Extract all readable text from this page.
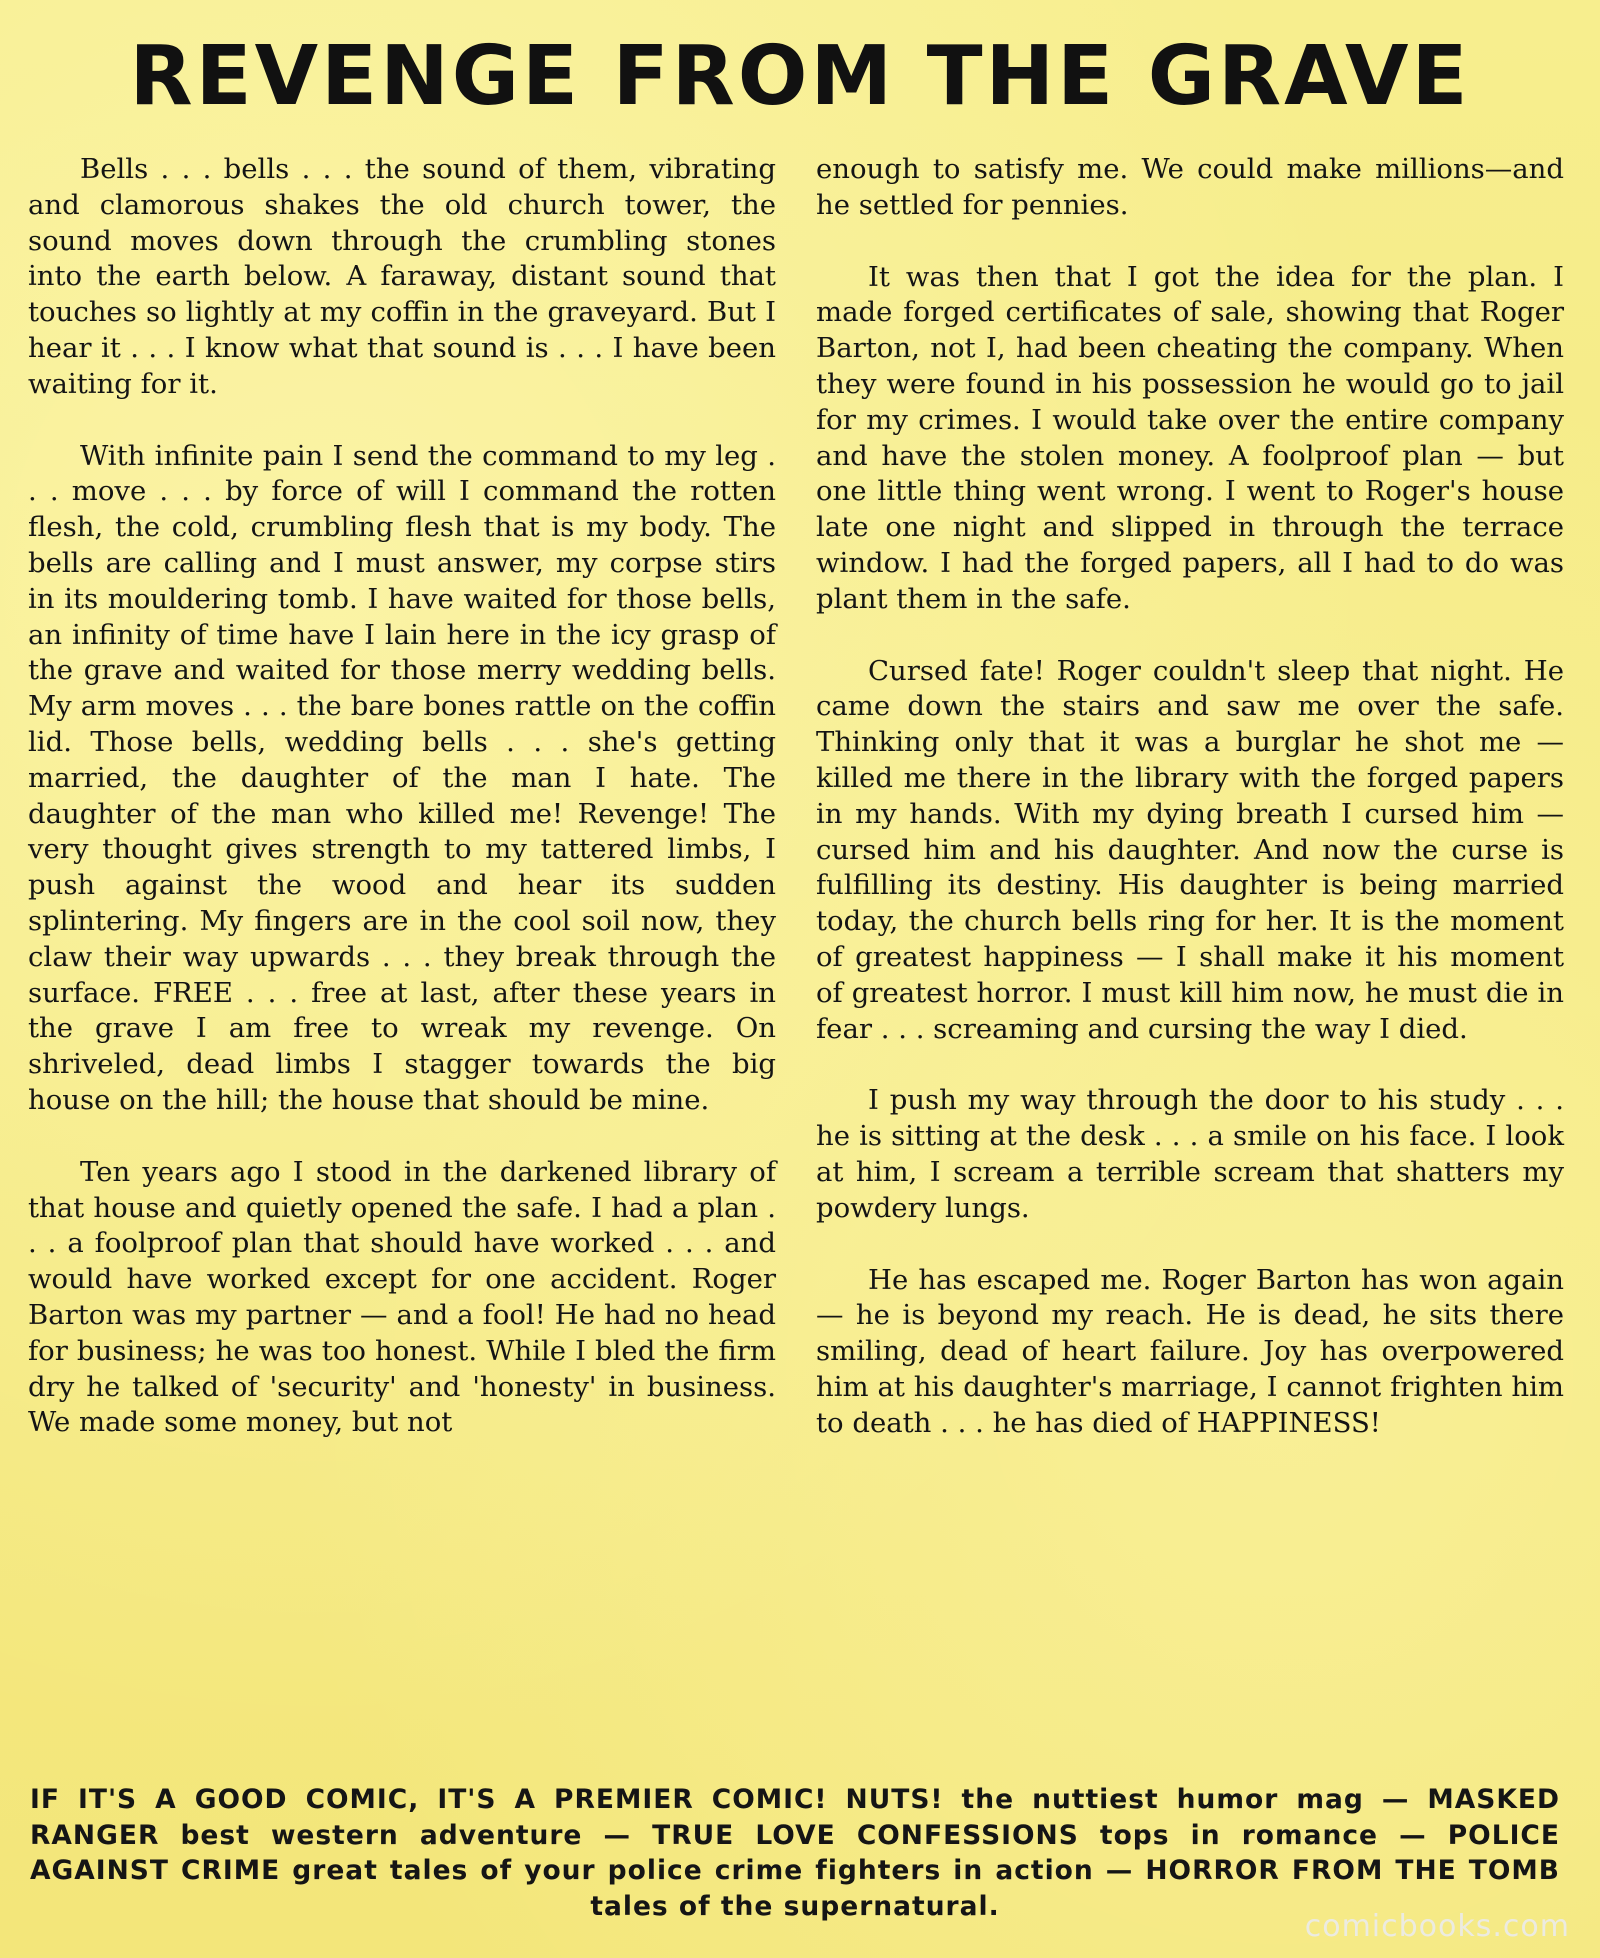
REVENGE FROM THE GRAVE

Bells . . . bells . . . the sound of them, vibrating and clamorous shakes the old church tower, the sound moves down through the crumbling stones into the earth below. A faraway, distant sound that touches so lightly at my coffin in the graveyard. But I hear it . . . I know what that sound is . . . I have been waiting for it.

With infinite pain I send the command to my leg . . . move . . . by force of will I command the rotten flesh, the cold, crumbling flesh that is my body. The bells are calling and I must answer, my corpse stirs in its mouldering tomb. I have waited for those bells, an infinity of time have I lain here in the icy grasp of the grave and waited for those merry wedding bells. My arm moves . . . the bare bones rattle on the coffin lid. Those bells, wedding bells . . . she's getting married, the daughter of the man I hate. The daughter of the man who killed me! Revenge! The very thought gives strength to my tattered limbs, I push against the wood and hear its sudden splintering. My fingers are in the cool soil now, they claw their way upwards . . . they break through the surface. FREE . . . free at last, after these years in the grave I am free to wreak my revenge. On shriveled, dead limbs I stagger towards the big house on the hill; the house that should be mine.

Ten years ago I stood in the darkened library of that house and quietly opened the safe. I had a plan . . . a foolproof plan that should have worked . . . and would have worked except for one accident. Roger Barton was my partner — and a fool! He had no head for business; he was too honest. While I bled the firm dry he talked of 'security' and 'honesty' in business. We made some money, but not

enough to satisfy me. We could make millions—and he settled for pennies.

It was then that I got the idea for the plan. I made forged certificates of sale, showing that Roger Barton, not I, had been cheating the company. When they were found in his possession he would go to jail for my crimes. I would take over the entire company and have the stolen money. A foolproof plan — but one little thing went wrong. I went to Roger's house late one night and slipped in through the terrace window. I had the forged papers, all I had to do was plant them in the safe.

Cursed fate! Roger couldn't sleep that night. He came down the stairs and saw me over the safe. Thinking only that it was a burglar he shot me — killed me there in the library with the forged papers in my hands. With my dying breath I cursed him — cursed him and his daughter. And now the curse is fulfilling its destiny. His daughter is being married today, the church bells ring for her. It is the moment of greatest happiness — I shall make it his moment of greatest horror. I must kill him now, he must die in fear . . . screaming and cursing the way I died.

I push my way through the door to his study . . . he is sitting at the desk . . . a smile on his face. I look at him, I scream a terrible scream that shatters my powdery lungs.

He has escaped me. Roger Barton has won again — he is beyond my reach. He is dead, he sits there smiling, dead of heart failure. Joy has overpowered him at his daughter's marriage, I cannot frighten him to death . . . he has died of HAPPINESS!

IF IT'S A GOOD COMIC, IT'S A PREMIER COMIC! NUTS! the nuttiest humor mag — MASKED RANGER best western adventure — TRUE LOVE CONFESSIONS tops in romance — POLICE AGAINST CRIME great tales of your police crime fighters in action — HORROR FROM THE TOMB tales of the supernatural.
comicbooks.com
